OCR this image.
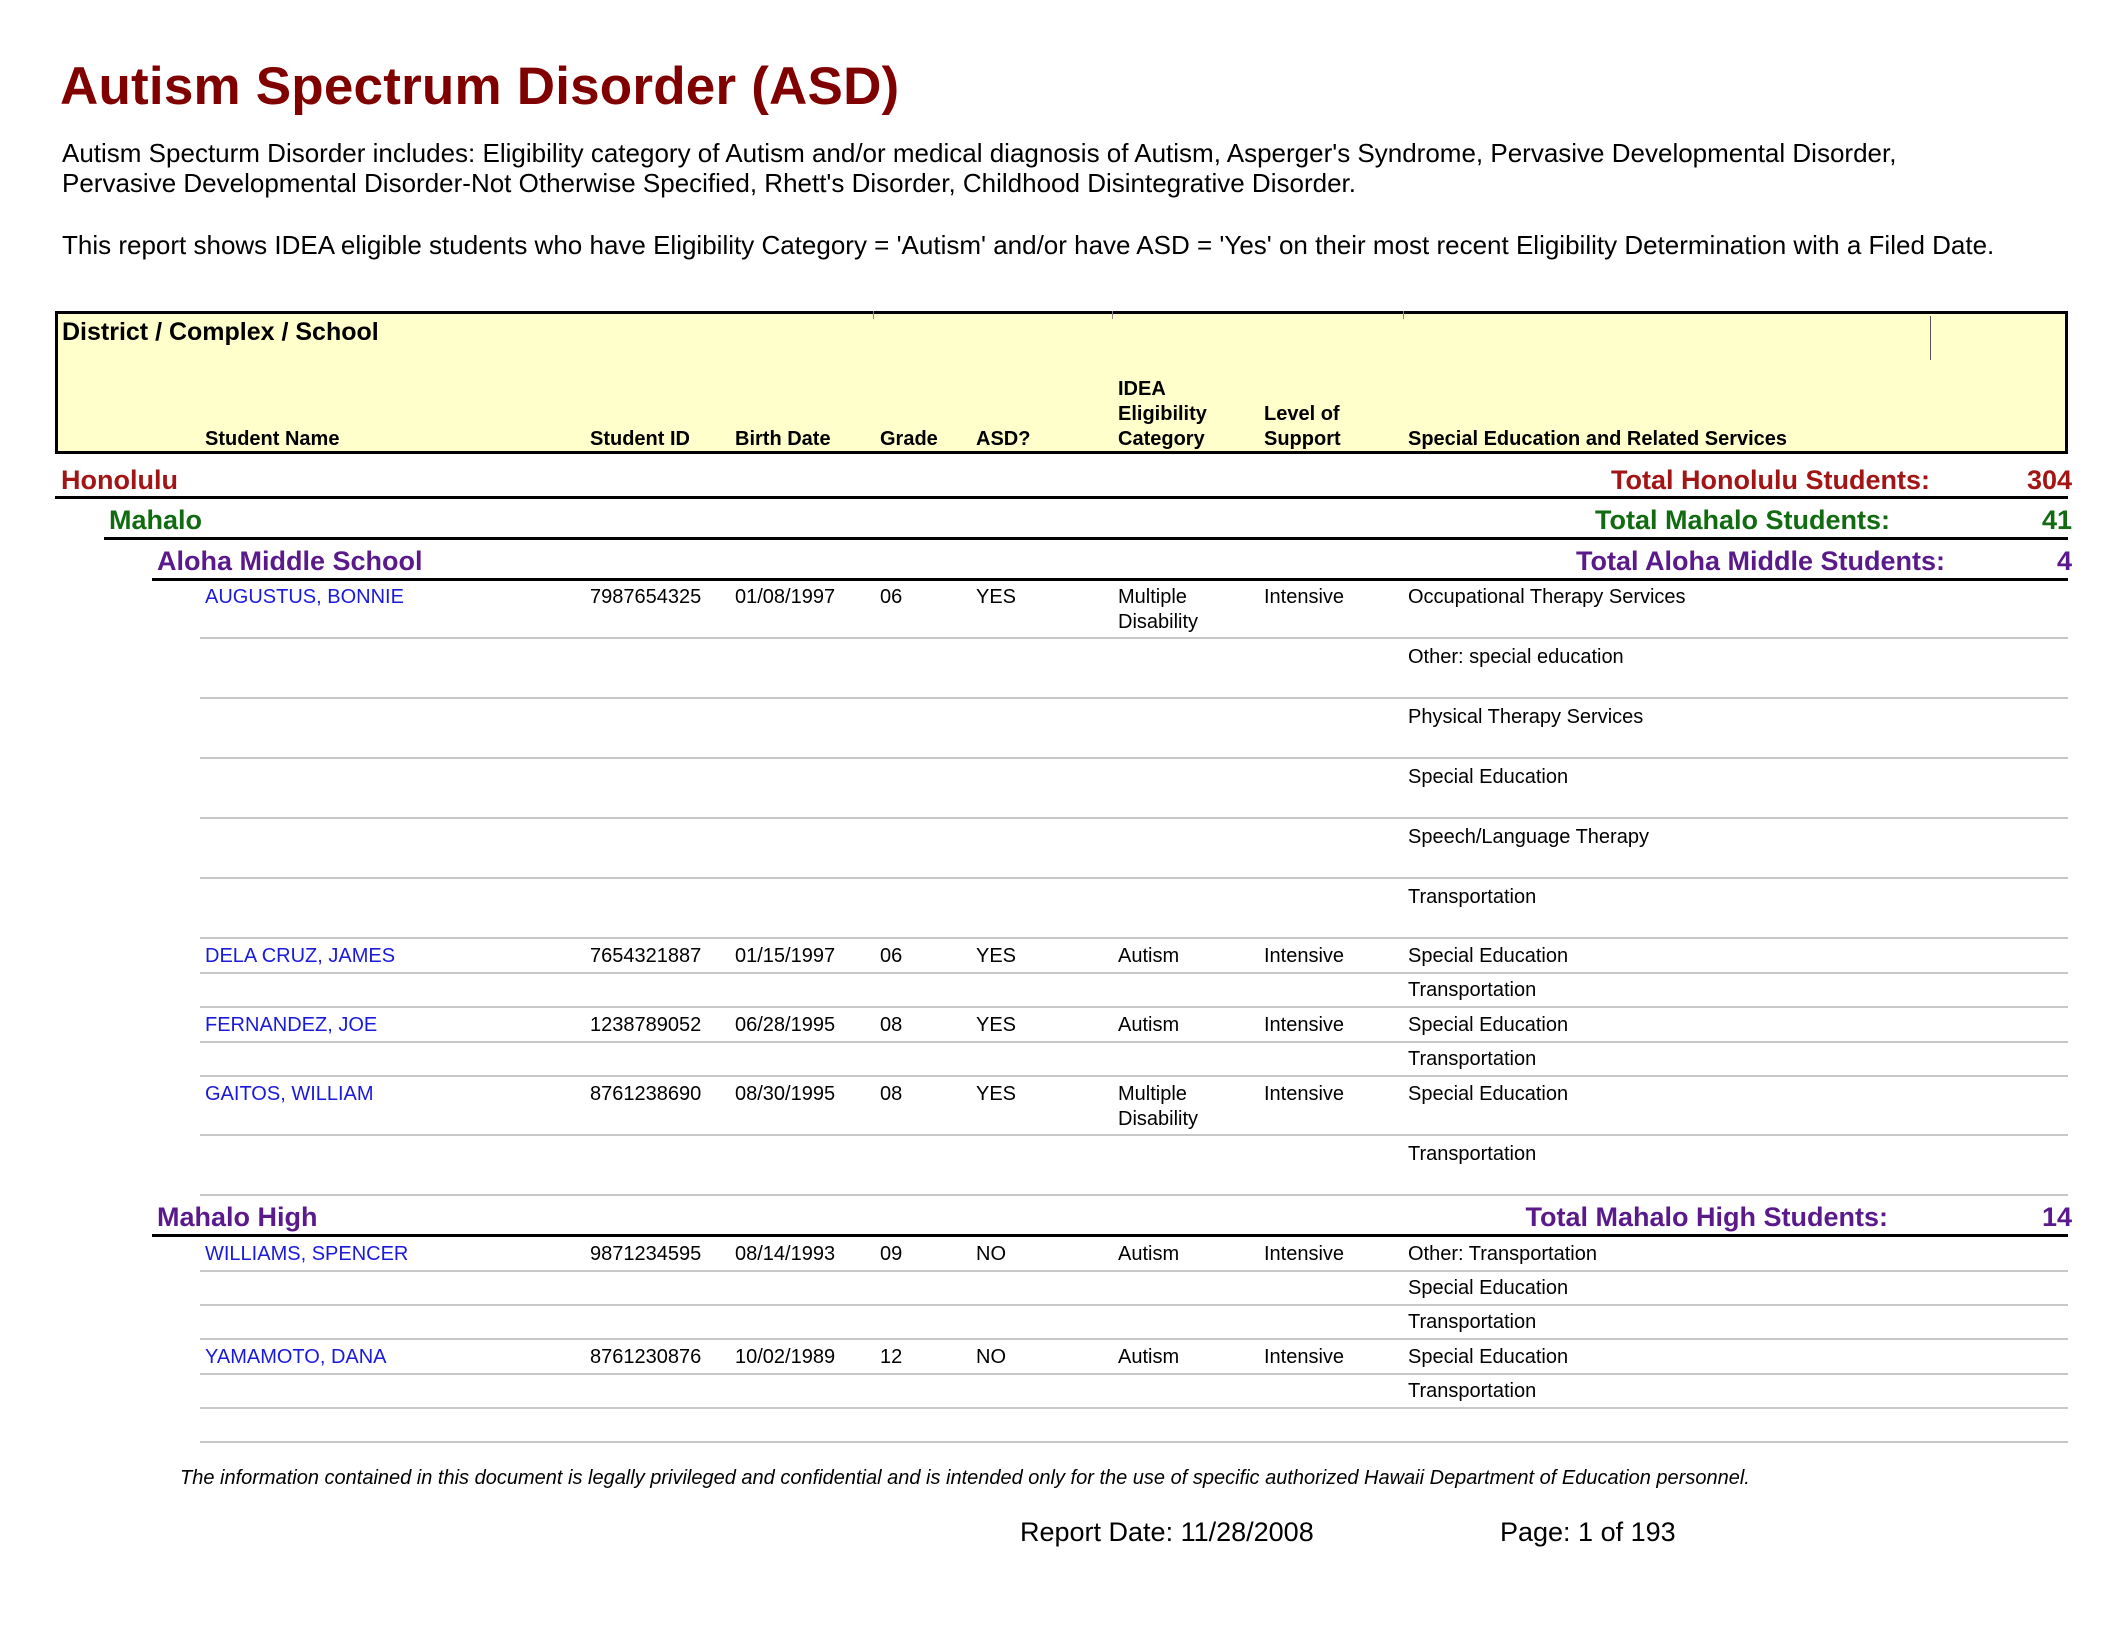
Autism Spectrum Disorder (ASD)
Autism Specturm Disorder includes: Eligibility category of Autism and/or medical diagnosis of Autism, Asperger's Syndrome, Pervasive Developmental Disorder,
Pervasive Developmental Disorder-Not Otherwise Specified, Rhett's Disorder, Childhood Disintegrative Disorder.
This report shows IDEA eligible students who have Eligibility Category = 'Autism' and/or have ASD = 'Yes' on their most recent Eligibility Determination with a Filed Date.
District / Complex / School
Student Name	Student ID Birth Date Grade ASD?
IDEA
Eligibility
Category
Level of
Support	Special Education and Related Services
Honolulu	Total Honolulu Students:	304
Mahalo	Total Mahalo Students:	41
Aloha Middle School	Total Aloha Middle Students:	4
AUGUSTUS, BONNIE	7987654325 01/08/1997 06	YES	Multiple
Disability
Intensive	Occupational Therapy Services
Other: special education
Physical Therapy Services
Special Education
Speech/Language Therapy
Transportation
DELA CRUZ, JAMES	7654321887 01/15/1997 06	YES	Autism	Intensive	Special Education
Transportation
FERNANDEZ, JOE	1238789052 06/28/1995 08	YES	Autism	Intensive	Special Education
Transportation
GAITOS, WILLIAM	8761238690 08/30/1995 08	YES	Multiple
Disability
Intensive	Special Education
Transportation
Mahalo High	Total Mahalo High Students:	14
WILLIAMS, SPENCER	9871234595 08/14/1993 09	NO	Autism	Intensive	Other: Transportation
Special Education
Transportation
YAMAMOTO, DANA	8761230876 10/02/1989 12	NO	Autism	Intensive	Special Education
Transportation
The information contained in this document is legally privileged and confidential and is intended only for the use of specific authorized Hawaii Department of Education personnel.
Report Date: 11/28/2008	Page: 1 of 193
